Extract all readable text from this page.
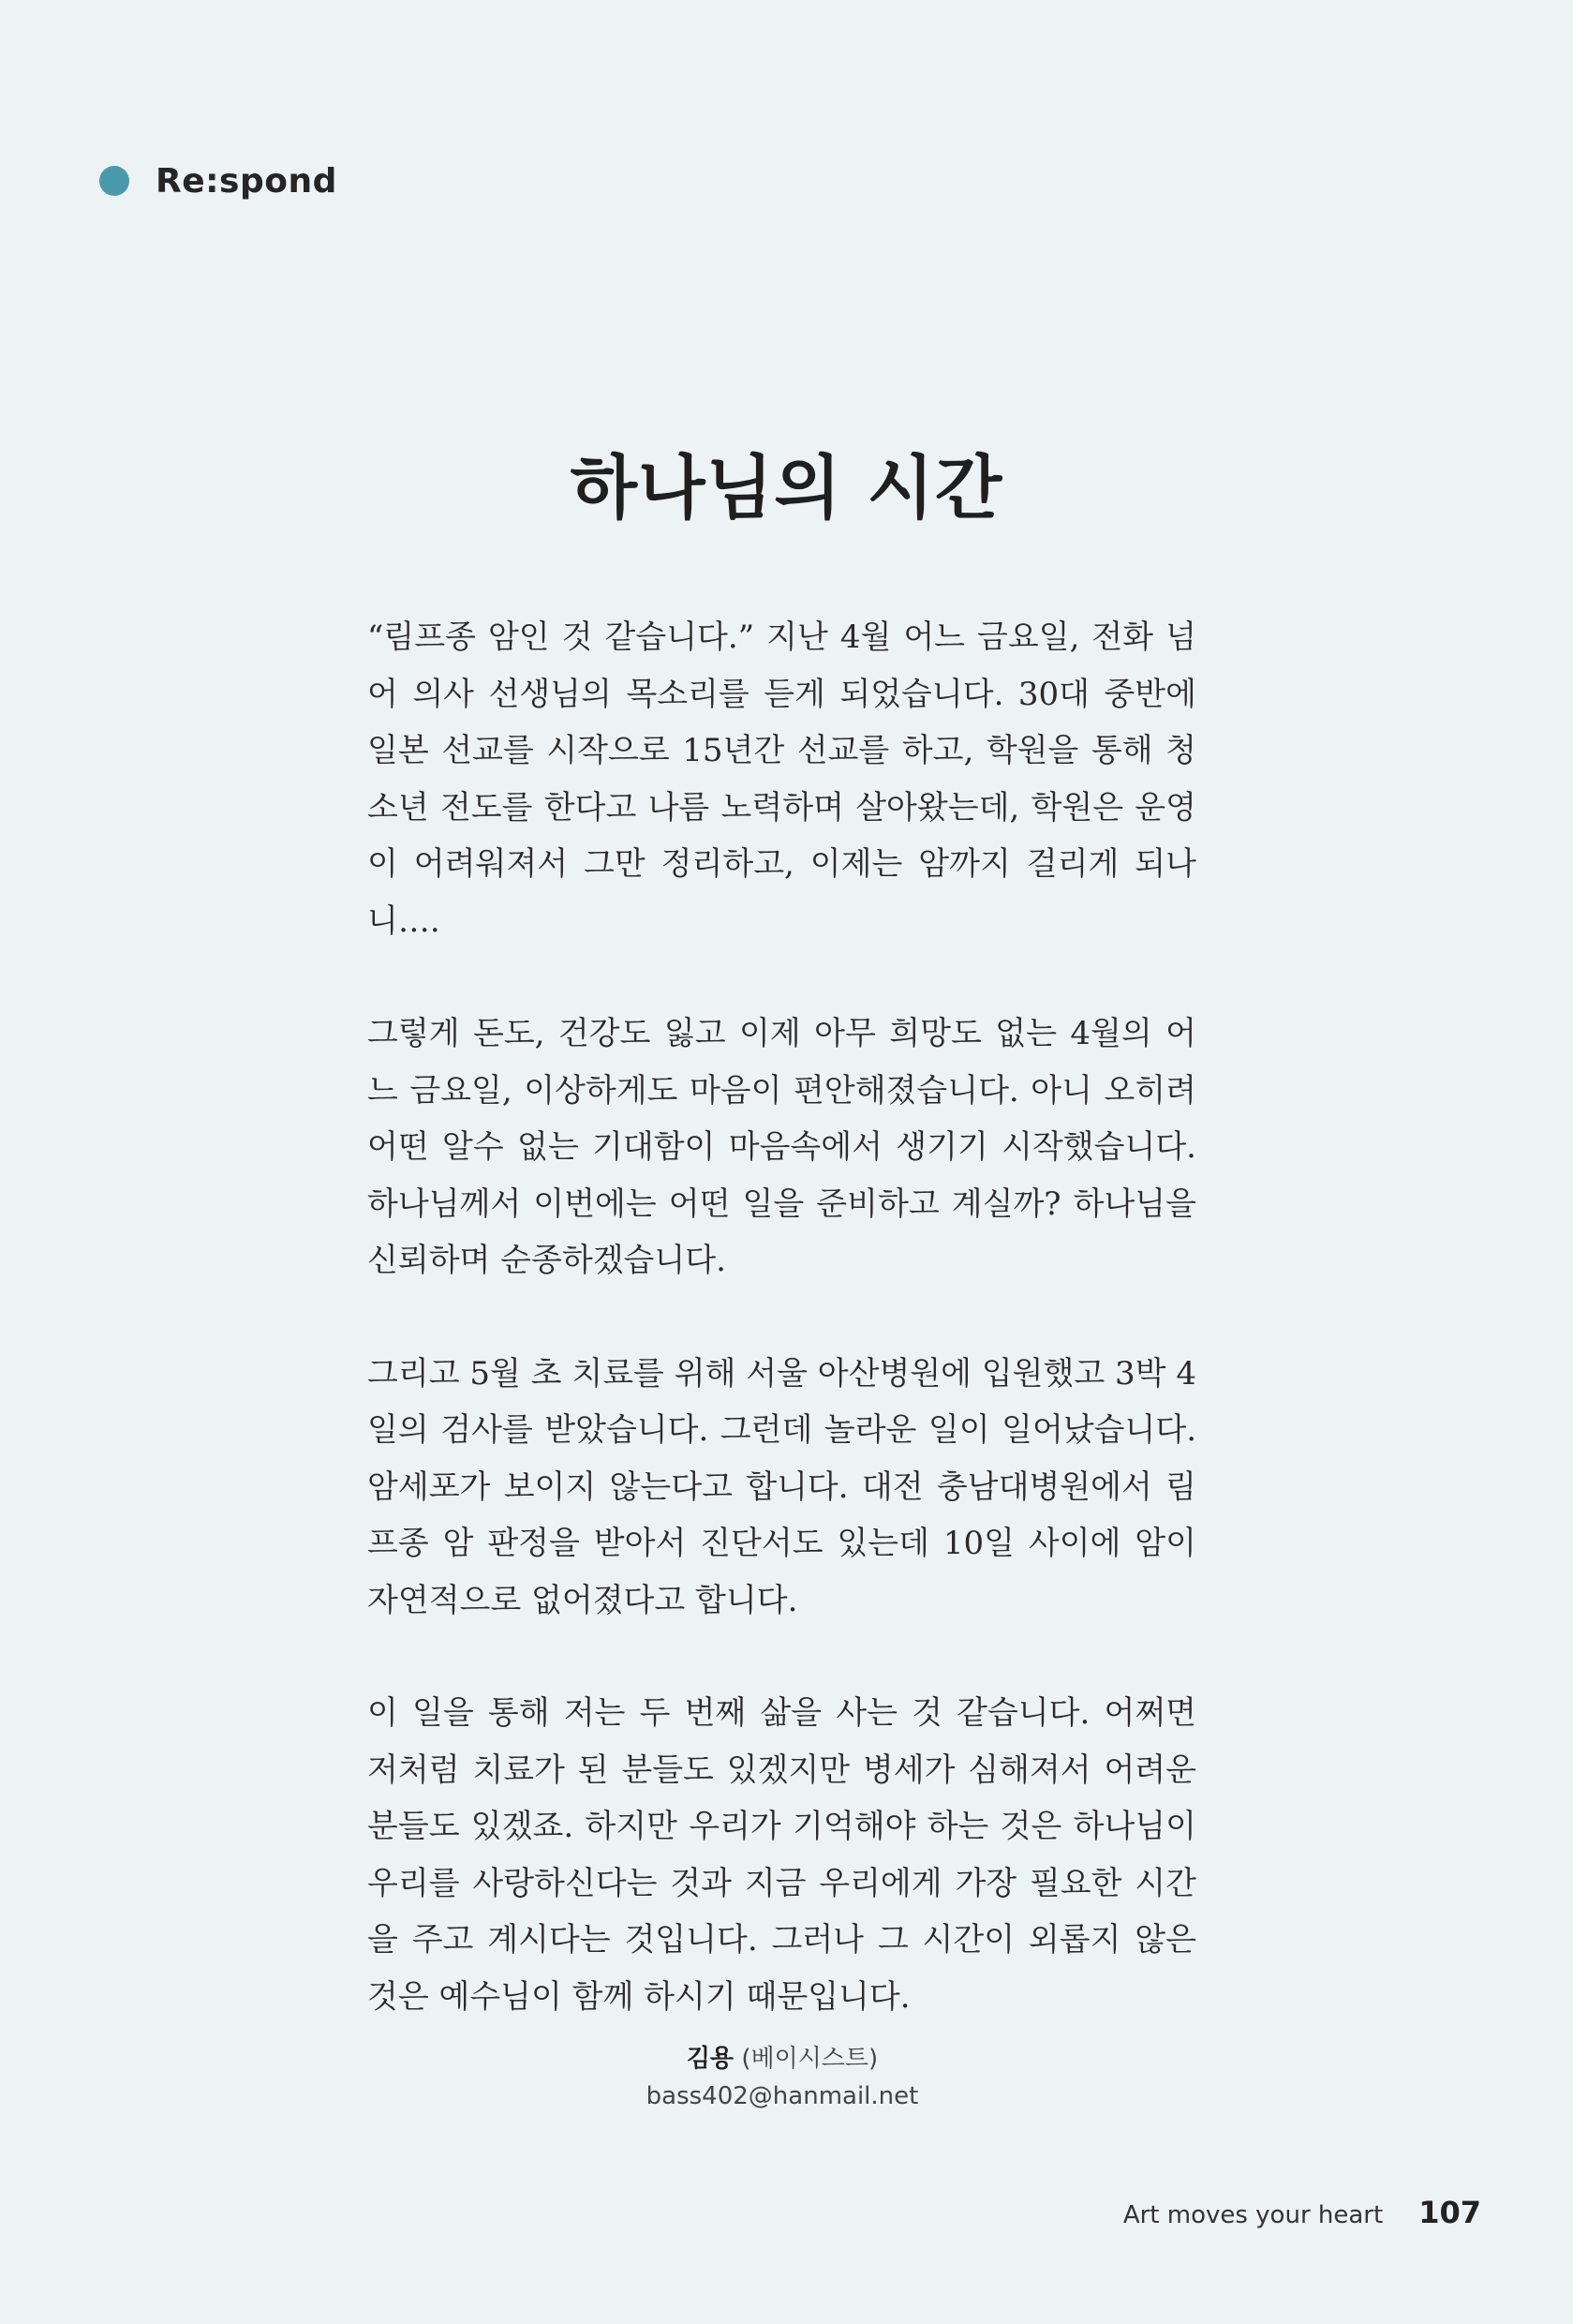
Re:spond
하나님의 시간

“림프종 암인 것 같습니다.” 지난 4월 어느 금요일, 전화 넘어 의사 선생님의 목소리를 듣게 되었습니다. 30대 중반에 일본 선교를 시작으로 15년간 선교를 하고, 학원을 통해 청소년 전도를 한다고 나름 노력하며 살아왔는데, 학원은 운영이 어려워져서 그만 정리하고, 이제는 암까지 걸리게 되나니….

그렇게 돈도, 건강도 잃고 이제 아무 희망도 없는 4월의 어느 금요일, 이상하게도 마음이 편안해졌습니다. 아니 오히려 어떤 알수 없는 기대함이 마음속에서 생기기 시작했습니다. 하나님께서 이번에는 어떤 일을 준비하고 계실까? 하나님을 신뢰하며 순종하겠습니다.

그리고 5월 초 치료를 위해 서울 아산병원에 입원했고 3박 4일의 검사를 받았습니다. 그런데 놀라운 일이 일어났습니다. 암세포가 보이지 않는다고 합니다. 대전 충남대병원에서 림프종 암 판정을 받아서 진단서도 있는데 10일 사이에 암이 자연적으로 없어졌다고 합니다.

이 일을 통해 저는 두 번째 삶을 사는 것 같습니다. 어쩌면 저처럼 치료가 된 분들도 있겠지만 병세가 심해져서 어려운 분들도 있겠죠. 하지만 우리가 기억해야 하는 것은 하나님이 우리를 사랑하신다는 것과 지금 우리에게 가장 필요한 시간을 주고 계시다는 것입니다. 그러나 그 시간이 외롭지 않은 것은 예수님이 함께 하시기 때문입니다.

김용 (베이시스트)
bass402@hanmail.net
Art moves your heart 107
